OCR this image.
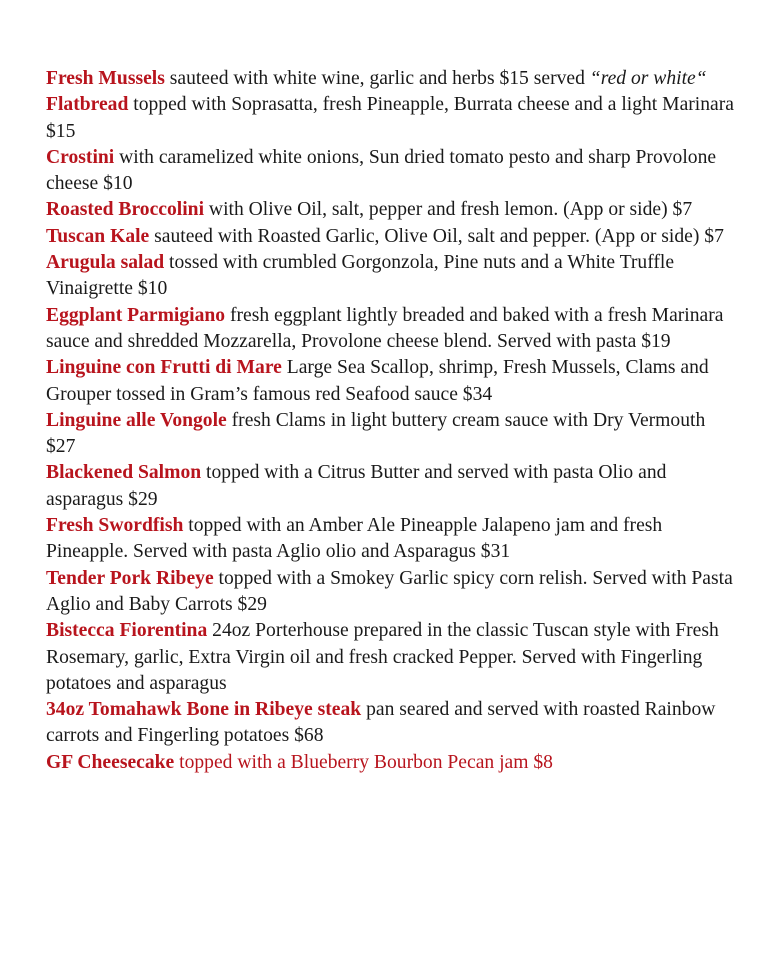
Fresh Mussels sauteed with white wine, garlic and herbs $15 served “red or white“

Flatbread topped with Soprasatta, fresh Pineapple, Burrata cheese and a light Marinara $15

Crostini with caramelized white onions, Sun dried tomato pesto and sharp Provolone cheese $10

Roasted Broccolini with Olive Oil, salt, pepper and fresh lemon. (App or side) $7

Tuscan Kale sauteed with Roasted Garlic, Olive Oil, salt and pepper. (App or side) $7

Arugula salad tossed with crumbled Gorgonzola, Pine nuts and a White Truffle Vinaigrette $10

Eggplant Parmigiano fresh eggplant lightly breaded and baked with a fresh Marinara sauce and shredded Mozzarella, Provolone cheese blend. Served with pasta $19

Linguine con Frutti di Mare Large Sea Scallop, shrimp, Fresh Mussels, Clams and Grouper tossed in Gram’s famous red Seafood sauce $34

Linguine alle Vongole fresh Clams in light buttery cream sauce with Dry Vermouth $27

Blackened Salmon topped with a Citrus Butter and served with pasta Olio and asparagus $29

Fresh Swordfish topped with an Amber Ale Pineapple Jalapeno jam and fresh Pineapple. Served with pasta Aglio olio and Asparagus $31

Tender Pork Ribeye topped with a Smokey Garlic spicy corn relish. Served with Pasta Aglio and Baby Carrots $29

Bistecca Fiorentina 24oz Porterhouse prepared in the classic Tuscan style with Fresh Rosemary, garlic, Extra Virgin oil and fresh cracked Pepper. Served with Fingerling potatoes and asparagus

34oz Tomahawk Bone in Ribeye steak pan seared and served with roasted Rainbow carrots and Fingerling potatoes $68

GF Cheesecake topped with a Blueberry Bourbon Pecan jam $8
